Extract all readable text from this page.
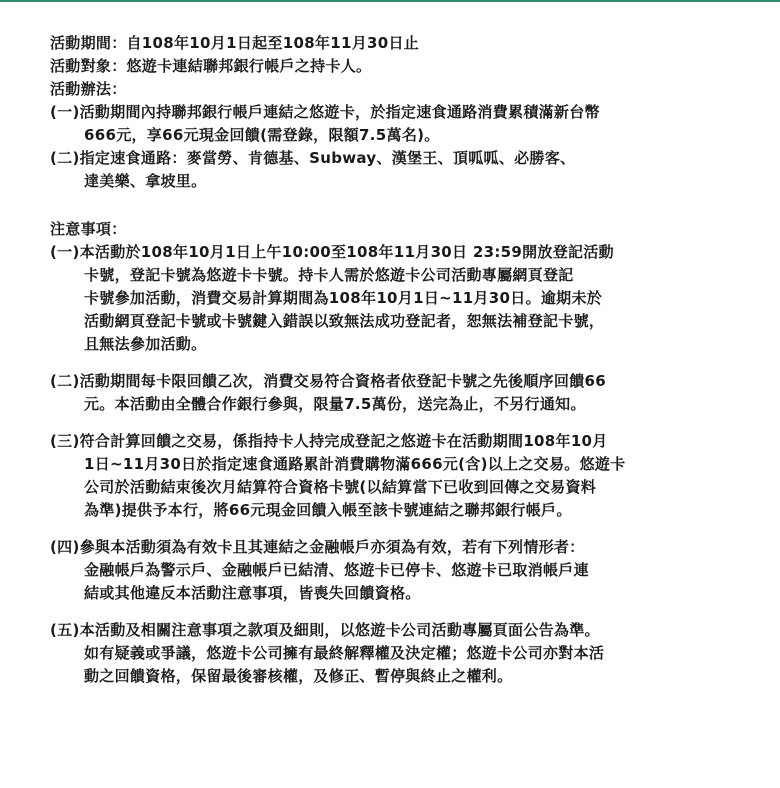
活動期間：自108年10月1日起至108年11月30日止
活動對象：悠遊卡連結聯邦銀行帳戶之持卡人。
活動辦法：
(一)活動期間內持聯邦銀行帳戶連結之悠遊卡，於指定速食通路消費累積滿新台幣
666元，享66元現金回饋(需登錄，限額7.5萬名)。
(二)指定速食通路：麥當勞、肯德基、Subway、漢堡王、頂呱呱、必勝客、
達美樂、拿坡里。
注意事項：
(一)本活動於108年10月1日上午10:00至108年11月30日 23:59開放登記活動
卡號，登記卡號為悠遊卡卡號。持卡人需於悠遊卡公司活動專屬網頁登記
卡號參加活動，消費交易計算期間為108年10月1日~11月30日。逾期未於
活動網頁登記卡號或卡號鍵入錯誤以致無法成功登記者，恕無法補登記卡號，
且無法參加活動。
(二)活動期間每卡限回饋乙次，消費交易符合資格者依登記卡號之先後順序回饋66
元。本活動由全體合作銀行參與，限量7.5萬份，送完為止，不另行通知。
(三)符合計算回饋之交易，係指持卡人持完成登記之悠遊卡在活動期間108年10月
1日~11月30日於指定速食通路累計消費購物滿666元(含)以上之交易。悠遊卡
公司於活動結束後次月結算符合資格卡號(以結算當下已收到回傳之交易資料
為準)提供予本行，將66元現金回饋入帳至該卡號連結之聯邦銀行帳戶。
(四)參與本活動須為有效卡且其連結之金融帳戶亦須為有效，若有下列情形者：
金融帳戶為警示戶、金融帳戶已結清、悠遊卡已停卡、悠遊卡已取消帳戶連
結或其他違反本活動注意事項，皆喪失回饋資格。
(五)本活動及相關注意事項之款項及細則，以悠遊卡公司活動專屬頁面公告為準。
如有疑義或爭議，悠遊卡公司擁有最終解釋權及決定權；悠遊卡公司亦對本活
動之回饋資格，保留最後審核權，及修正、暫停與終止之權利。
